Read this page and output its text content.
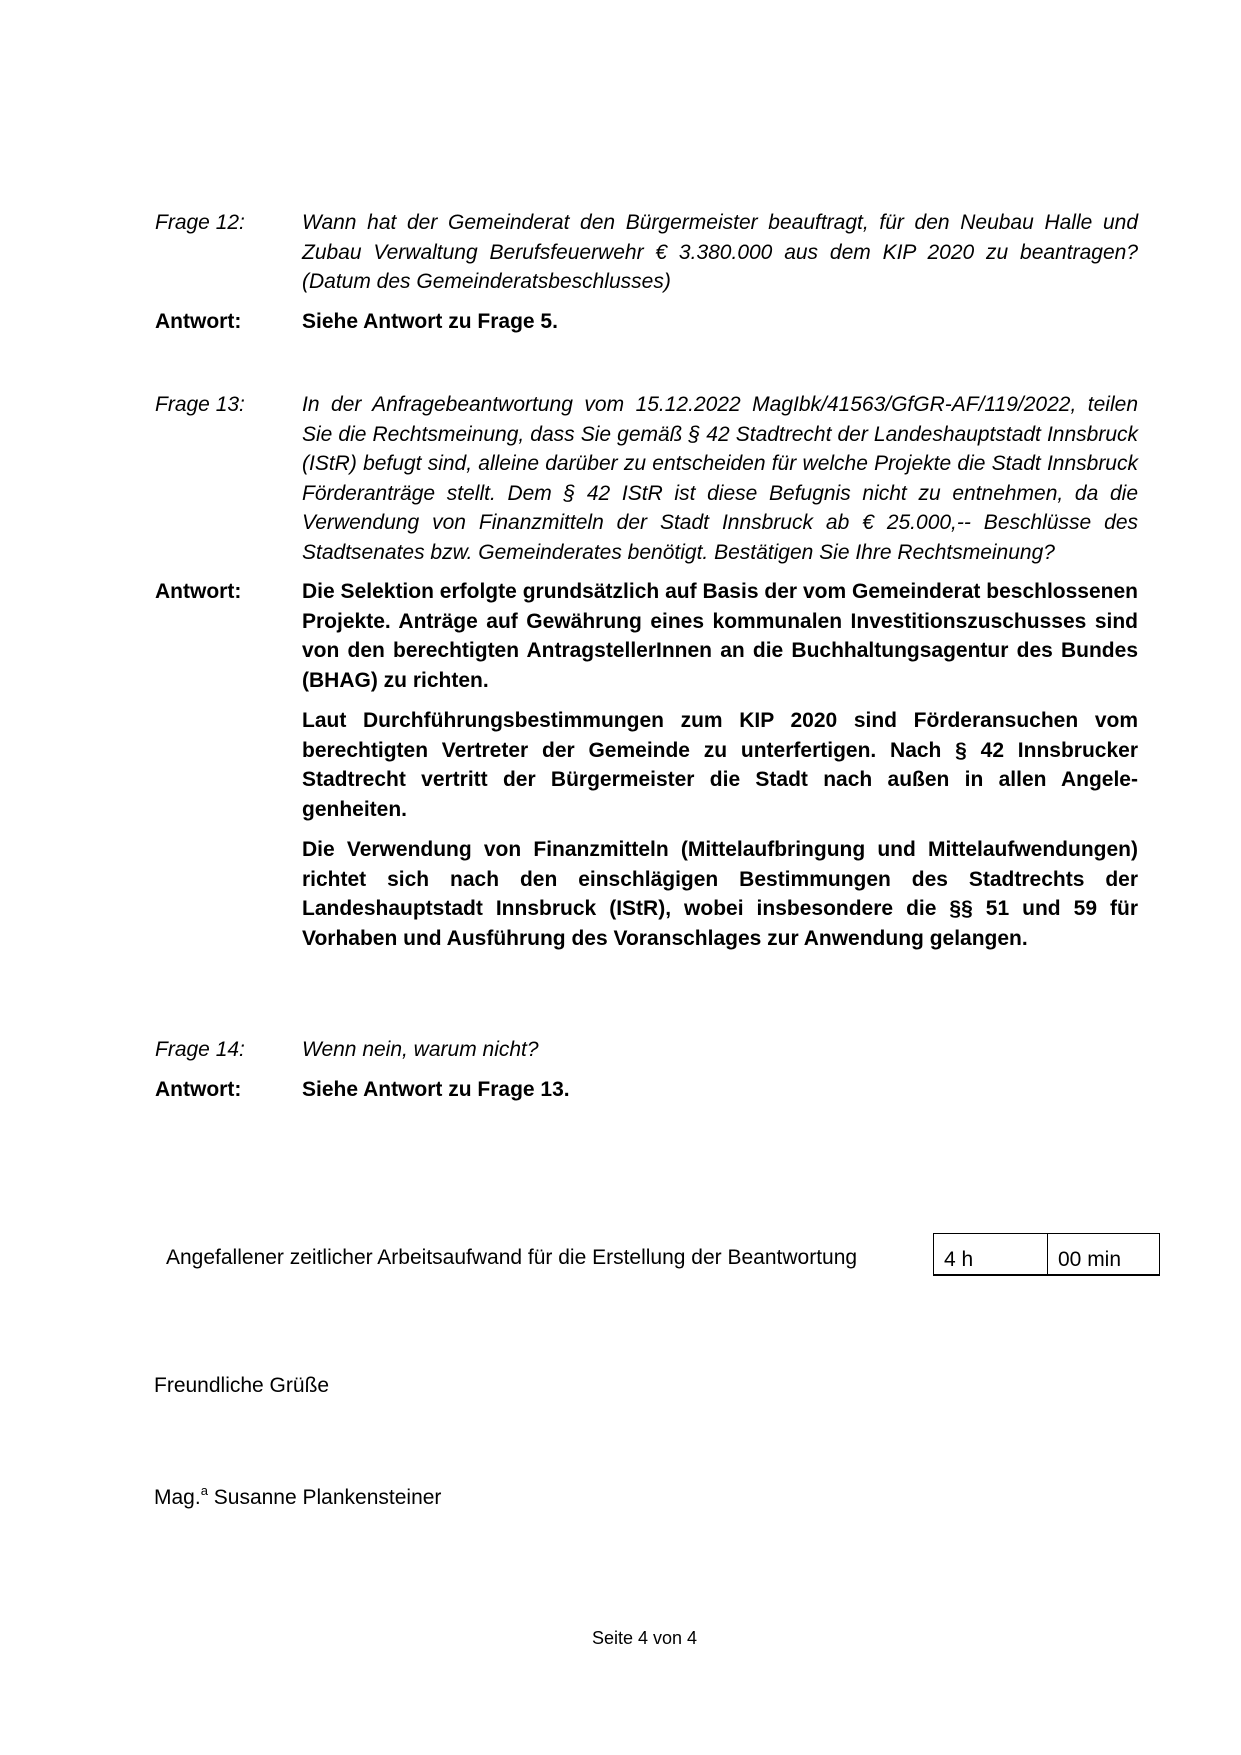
Frage 12:	Wann hat der Gemeinderat den Bürgermeister beauftragt, für den Neubau Halle und Zubau Verwaltung Berufsfeuerwehr € 3.380.000 aus dem KIP 2020 zu beantragen? (Datum des Gemeinderatsbeschlusses)
Antwort:	Siehe Antwort zu Frage 5.

Frage 13:	In der Anfragebeantwortung vom 15.12.2022 MagIbk/41563/GfGR-AF/119/2022, teilen Sie die Rechtsmeinung, dass Sie gemäß § 42 Stadtrecht der Landeshauptstadt Innsbruck (IStR) befugt sind, alleine darüber zu entscheiden für welche Projekte die Stadt Innsbruck Förderanträge stellt. Dem § 42 IStR ist diese Befugnis nicht zu entnehmen, da die Verwendung von Finanzmitteln der Stadt Innsbruck ab € 25.000,-- Beschlüsse des Stadtsenates bzw. Gemeinderates benötigt. Bestätigen Sie Ihre Rechtsmeinung?
Antwort:	Die Selektion erfolgte grundsätzlich auf Basis der vom Gemeinderat beschlossenen Projekte. Anträge auf Gewährung eines kommunalen Investitionszuschusses sind von den berechtigten AntragstellerInnen an die Buchhaltungsagentur des Bundes (BHAG) zu richten.

Laut Durchführungsbestimmungen zum KIP 2020 sind Förderansuchen vom berechtigten Vertreter der Gemeinde zu unterfertigen. Nach § 42 Innsbrucker Stadtrecht vertritt der Bürgermeister die Stadt nach außen in allen Angelegenheiten.

Die Verwendung von Finanzmitteln (Mittelaufbringung und Mittelaufwendungen) richtet sich nach den einschlägigen Bestimmungen des Stadtrechts der Landeshauptstadt Innsbruck (IStR), wobei insbesondere die §§ 51 und 59 für Vorhaben und Ausführung des Voranschlages zur Anwendung gelangen.

Frage 14:	Wenn nein, warum nicht?
Antwort:	Siehe Antwort zu Frage 13.

Angefallener zeitlicher Arbeitsaufwand für die Erstellung der Beantwortung	4 h	00 min
Freundliche Grüße
Mag.$^a$ Susanne Plankensteiner
Seite 4 von 4
